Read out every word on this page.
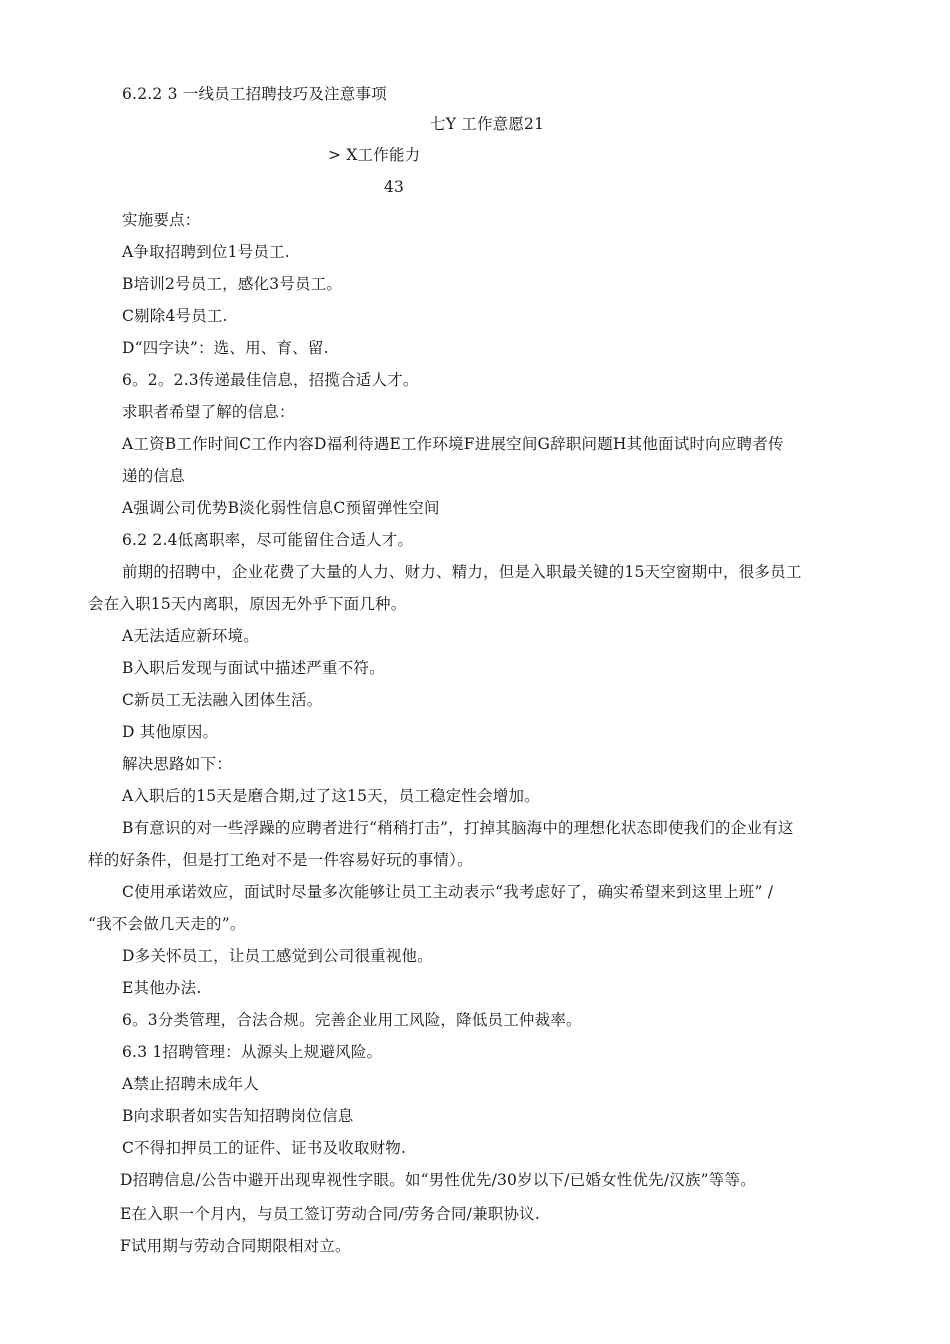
6.2.2 3 一线员工招聘技巧及注意事项
七Y 工作意愿21
> X工作能力
43
实施要点：
A争取招聘到位1号员工.
B培训2号员工，感化3号员工。
C剔除4号员工.
D“四字诀”：选、用、育、留.
6。2。2.3传递最佳信息，招揽合适人才。
求职者希望了解的信息：
A工资B工作时间C工作内容D福利待遇E工作环境F进展空间G辞职问题H其他面试时向应聘者传
递的信息
A强调公司优势B淡化弱性信息C预留弹性空间
6.2 2.4低离职率，尽可能留住合适人才。
前期的招聘中，企业花费了大量的人力、财力、精力，但是入职最关键的15天空窗期中，很多员工
会在入职15天内离职，原因无外乎下面几种。
A无法适应新环境。
B入职后发现与面试中描述严重不符。
C新员工无法融入团体生活。
D 其他原因。
解决思路如下：
A入职后的15天是磨合期,过了这15天，员工稳定性会增加。
B有意识的对一些浮躁的应聘者进行“稍稍打击”，打掉其脑海中的理想化状态即使我们的企业有这
样的好条件，但是打工绝对不是一件容易好玩的事情）。
C使用承诺效应，面试时尽量多次能够让员工主动表示“我考虑好了，确实希望来到这里上班” /
“我不会做几天走的”。
D多关怀员工，让员工感觉到公司很重视他。
E其他办法.
6。3分类管理，合法合规。完善企业用工风险，降低员工仲裁率。
6.3 1招聘管理：从源头上规避风险。
A禁止招聘未成年人
B向求职者如实告知招聘岗位信息
C不得扣押员工的证件、证书及收取财物.
D招聘信息/公告中避开出现卑视性字眼。如“男性优先/30岁以下/已婚女性优先/汉族”等等。
E在入职一个月内，与员工签订劳动合同/劳务合同/兼职协议.
F试用期与劳动合同期限相对立。
